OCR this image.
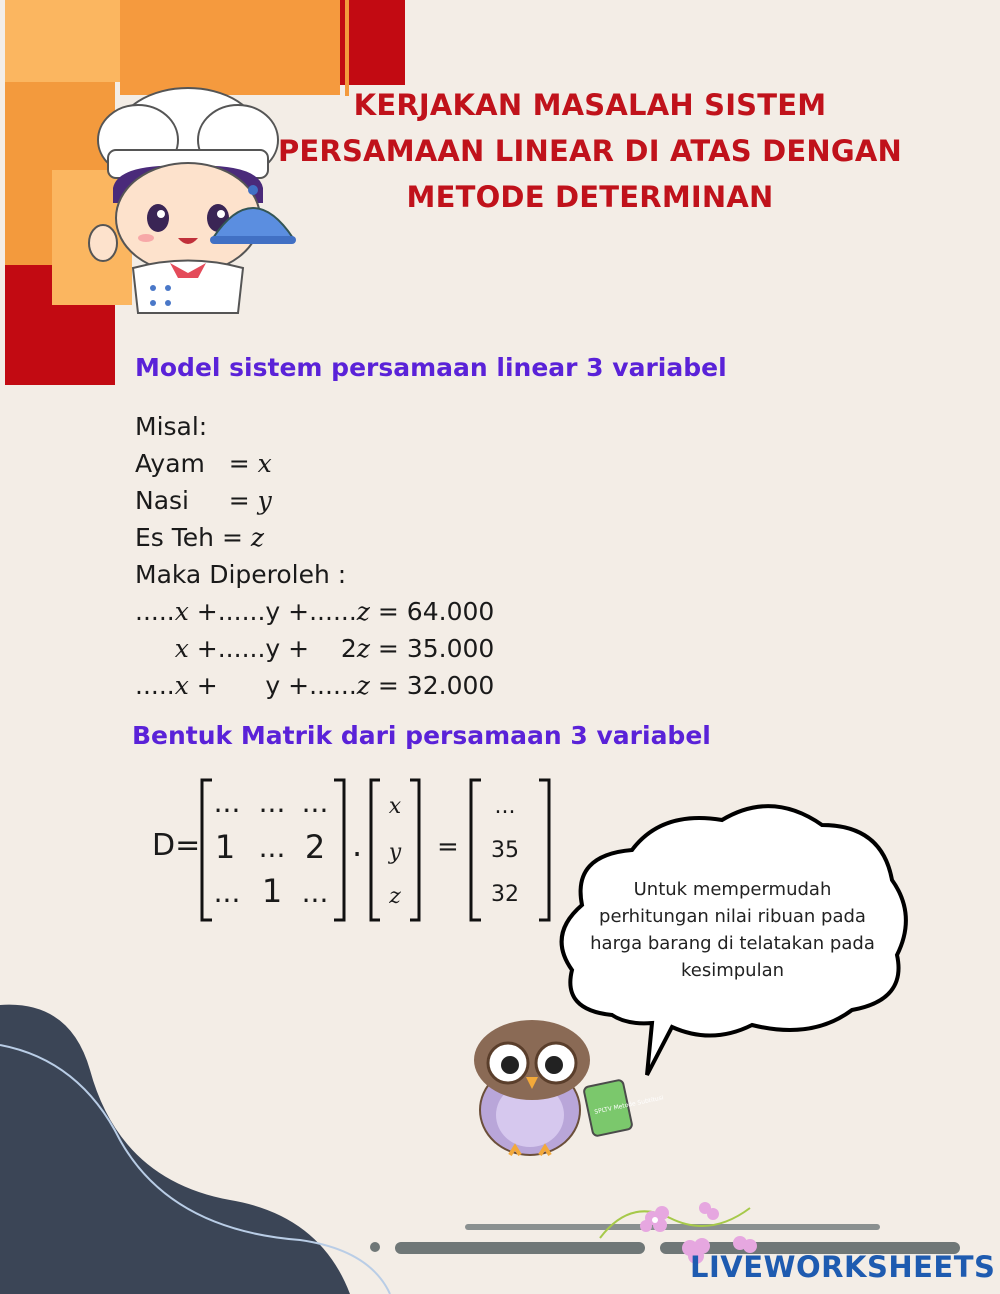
KERJAKAN MASALAH SISTEM
PERSAMAAN LINEAR DI ATAS DENGAN
METODE DETERMINAN
Model sistem persamaan linear 3 variabel
Misal:
Ayam   = x
Nasi     = y
Es Teh = z
Maka Diperoleh :
.....x +......y +......z = 64.000
x +......y +    2z = 35.000
.....x +      y +......z = 32.000
Bentuk Matrik dari persamaan 3 variabel
D=
... ... ...
1 ... 2
... 1 ...
.
x
y
z
=
...
35
32	Untuk mempermudah perhitungan nilai ribuan pada harga barang di telatakan pada kesimpulan
SPLTV Metode Subtitusi
LIVEWORKSHEETS
